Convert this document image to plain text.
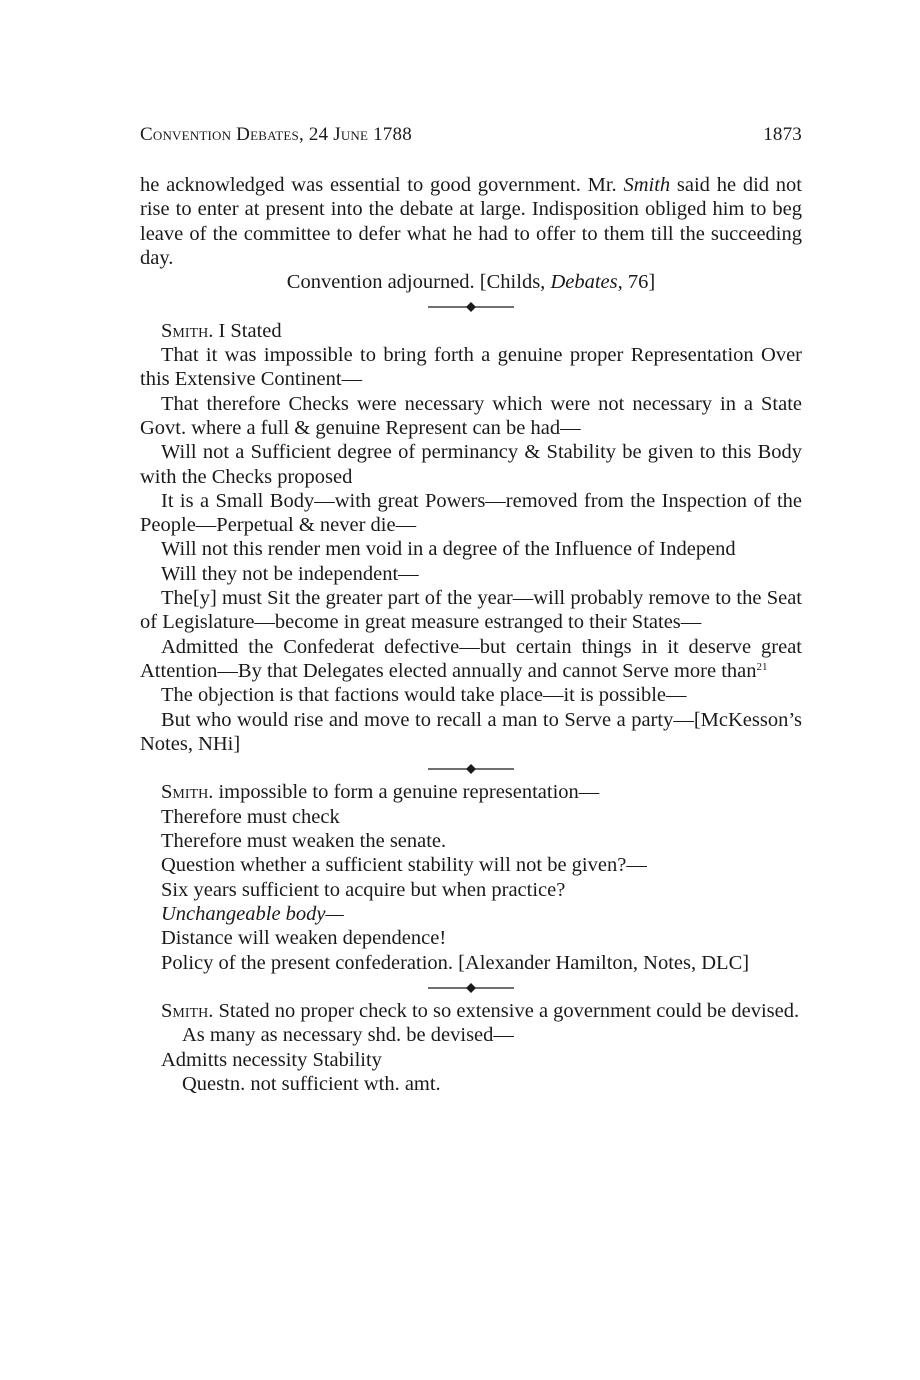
Convention Debates, 24 June 1788	1873

he acknowledged was essential to good government. Mr. Smith said he did not rise to enter at present into the debate at large. Indisposition obliged him to beg leave of the committee to defer what he had to offer to them till the succeeding day.

Convention adjourned. [Childs, Debates, 76]

Smith. I Stated

That it was impossible to bring forth a genuine proper Representation Over this Extensive Continent—

That therefore Checks were necessary which were not necessary in a State Govt. where a full & genuine Represent can be had—

Will not a Sufficient degree of perminancy & Stability be given to this Body with the Checks proposed

It is a Small Body—with great Powers—removed from the Inspection of the People—Perpetual & never die—

Will not this render men void in a degree of the Influence of Independ

Will they not be independent—

The[y] must Sit the greater part of the year—will probably remove to the Seat of Legislature—become in great measure estranged to their States—

Admitted the Confederat defective—but certain things in it deserve great Attention—By that Delegates elected annually and cannot Serve more than$^{21}$

The objection is that factions would take place—it is possible—

But who would rise and move to recall a man to Serve a party—[McKesson’s Notes, NHi]

Smith. impossible to form a genuine representation—

Therefore must check

Therefore must weaken the senate.

Question whether a sufficient stability will not be given?—

Six years sufficient to acquire but when practice?

Unchangeable body—

Distance will weaken dependence!

Policy of the present confederation. [Alexander Hamilton, Notes, DLC]

Smith. Stated no proper check to so extensive a government could be devised.

As many as necessary shd. be devised—

Admitts necessity Stability

Questn. not sufficient wth. amt.
